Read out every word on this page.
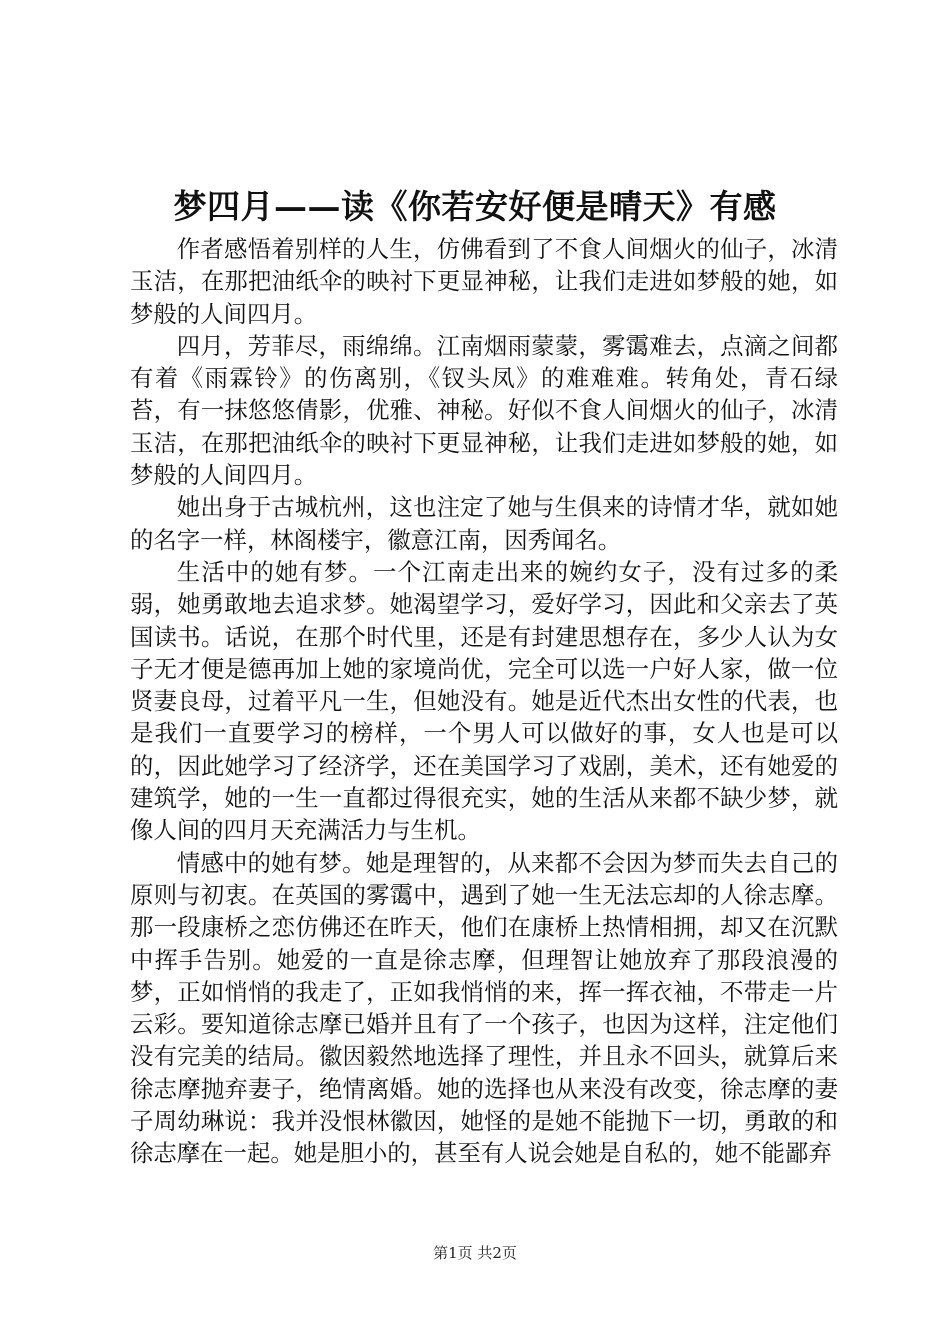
梦四月——读《你若安好便是晴天》有感

作者感悟着别样的人生，仿佛看到了不食人间烟火的仙子，冰清玉洁，在那把油纸伞的映衬下更显神秘，让我们走进如梦般的她，如梦般的人间四月。

四月，芳菲尽，雨绵绵。江南烟雨蒙蒙，雾霭难去，点滴之间都有着《雨霖铃》的伤离别，《钗头凤》的难难难。转角处，青石绿苔，有一抹悠悠倩影，优雅、神秘。好似不食人间烟火的仙子，冰清玉洁，在那把油纸伞的映衬下更显神秘，让我们走进如梦般的她，如梦般的人间四月。

她出身于古城杭州，这也注定了她与生俱来的诗情才华，就如她的名字一样，林阁楼宇，徽意江南，因秀闻名。

生活中的她有梦。一个江南走出来的婉约女子，没有过多的柔弱，她勇敢地去追求梦。她渴望学习，爱好学习，因此和父亲去了英国读书。话说，在那个时代里，还是有封建思想存在，多少人认为女子无才便是德再加上她的家境尚优，完全可以选一户好人家，做一位贤妻良母，过着平凡一生，但她没有。她是近代杰出女性的代表，也是我们一直要学习的榜样，一个男人可以做好的事，女人也是可以的，因此她学习了经济学，还在美国学习了戏剧，美术，还有她爱的建筑学，她的一生一直都过得很充实，她的生活从来都不缺少梦，就像人间的四月天充满活力与生机。

情感中的她有梦。她是理智的，从来都不会因为梦而失去自己的原则与初衷。在英国的雾霭中，遇到了她一生无法忘却的人徐志摩。那一段康桥之恋仿佛还在昨天，他们在康桥上热情相拥，却又在沉默中挥手告别。她爱的一直是徐志摩，但理智让她放弃了那段浪漫的梦，正如悄悄的我走了，正如我悄悄的来，挥一挥衣袖，不带走一片云彩。要知道徐志摩已婚并且有了一个孩子，也因为这样，注定他们没有完美的结局。徽因毅然地选择了理性，并且永不回头，就算后来徐志摩抛弃妻子，绝情离婚。她的选择也从来没有改变，徐志摩的妻子周幼琳说：我并没恨林徽因，她怪的是她不能抛下一切，勇敢的和徐志摩在一起。她是胆小的，甚至有人说会她是自私的，她不能鄙弃

第1页 共2页
